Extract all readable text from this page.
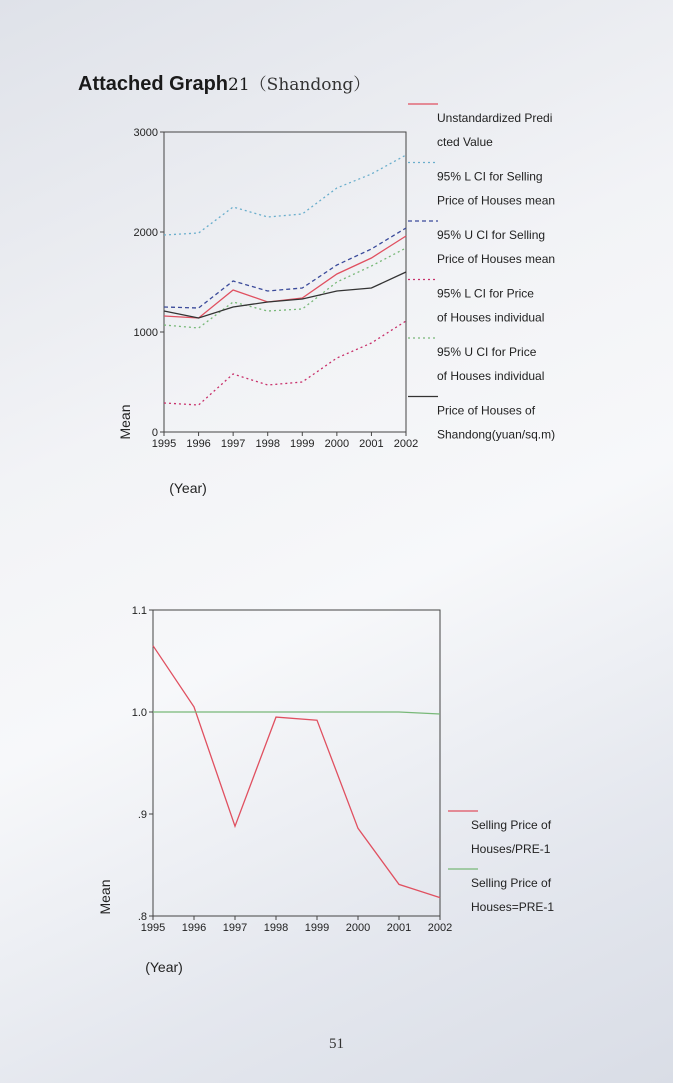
Attached Graph21（Shandong）
0
1000
2000
3000
1995 1996 1997 1998 1999 2000 2001 2002
Mean
(Year)
Unstandardized Predi
cted Value
95% L CI for Selling
Price of Houses mean
95% U CI for Selling
Price of Houses mean
95% L CI for Price
of Houses individual
95% U CI for Price
of Houses individual
Price of Houses of
Shandong(yuan/sq.m)
.8
.9
1.0
1.1
1995 1996 1997 1998 1999 2000 2001 2002
Mean
(Year)
Selling Price of
Houses/PRE-1
Selling Price of
Houses=PRE-1
51
